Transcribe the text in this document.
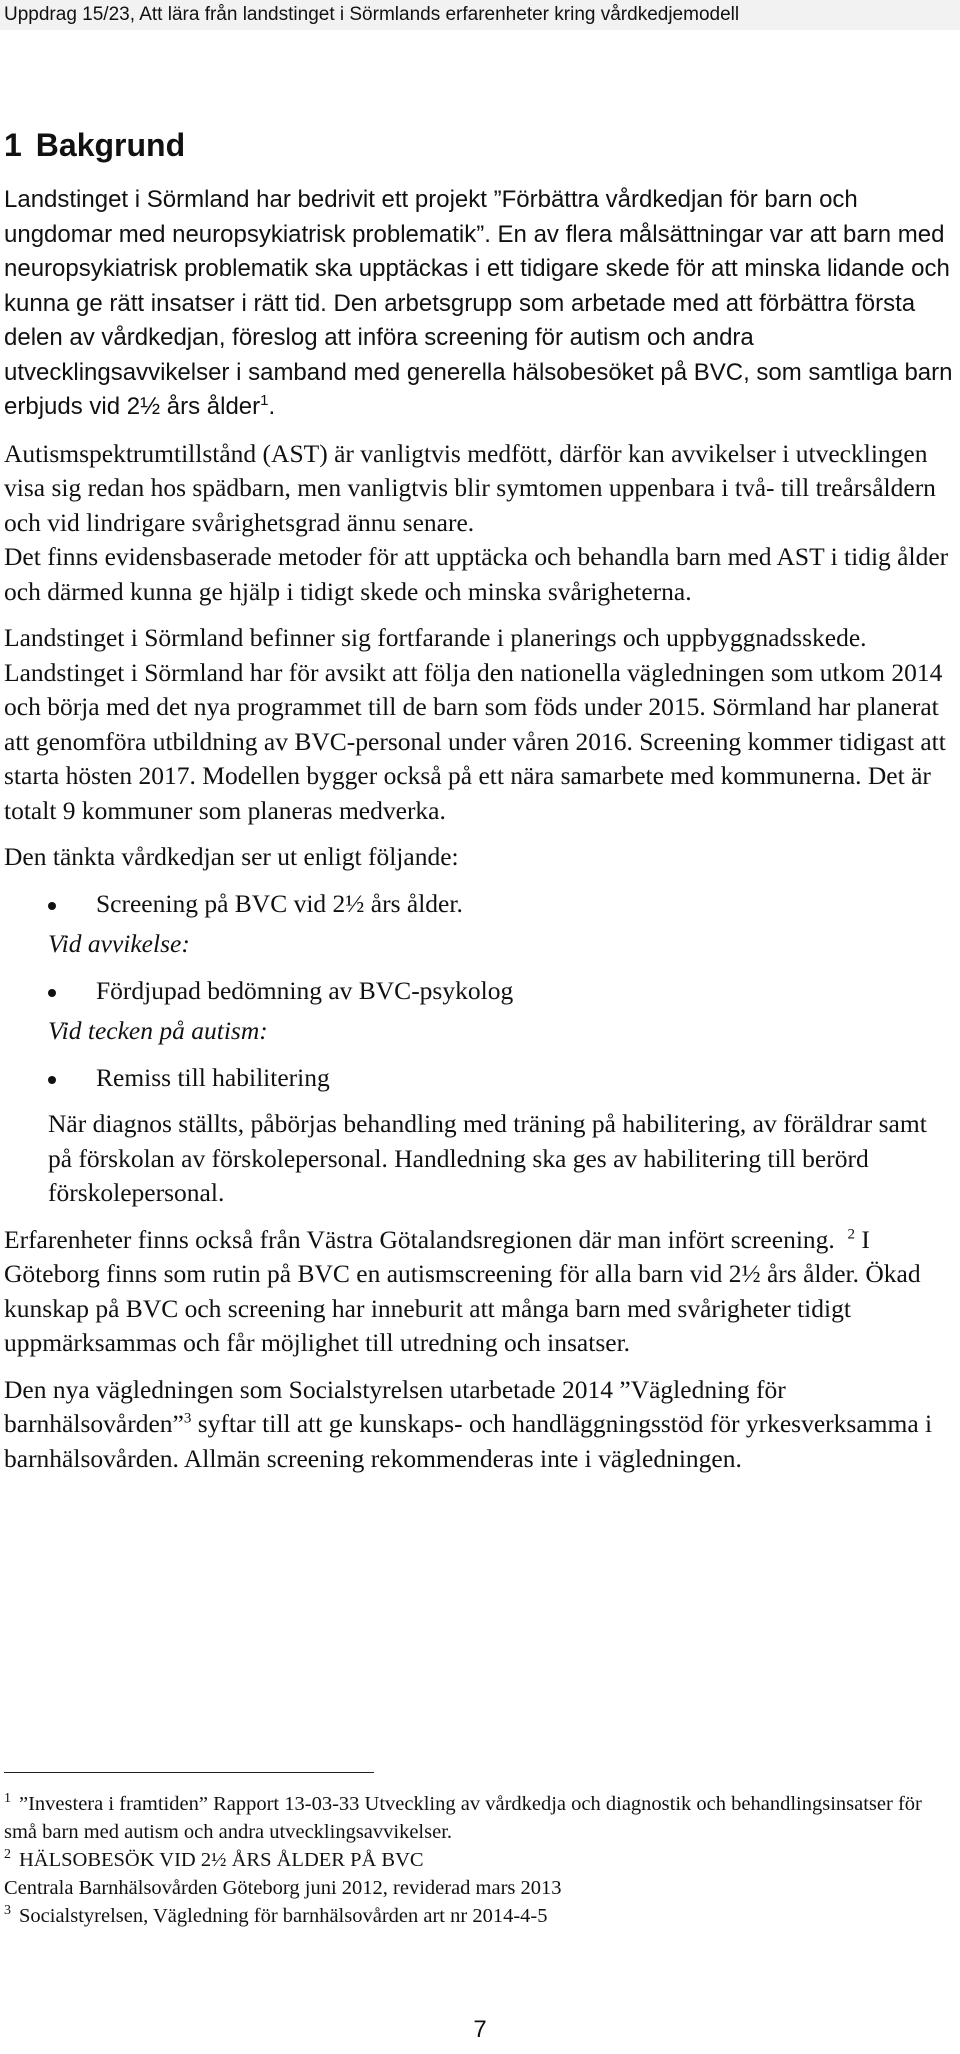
Uppdrag 15/23, Att lära från landstinget i Sörmlands erfarenheter kring vårdkedjemodell
1 Bakgrund

Landstinget i Sörmland har bedrivit ett projekt ”Förbättra vårdkedjan för barn och ungdomar med neuropsykiatrisk problematik”. En av flera målsättningar var att barn med neuropsykiatrisk problematik ska upptäckas i ett tidigare skede för att minska lidande och kunna ge rätt insatser i rätt tid. Den arbetsgrupp som arbetade med att förbättra första delen av vårdkedjan, föreslog att införa screening för autism och andra utvecklingsavvikelser i samband med generella hälsobesöket på BVC, som samtliga barn erbjuds vid 2½ års ålder$^1$.

Autismspektrumtillstånd (AST) är vanligtvis medfött, därför kan avvikelser i utvecklingen visa sig redan hos spädbarn, men vanligtvis blir symtomen uppenbara i två- till treårsåldern och vid lindrigare svårighetsgrad ännu senare.

Det finns evidensbaserade metoder för att upptäcka och behandla barn med AST i tidig ålder och därmed kunna ge hjälp i tidigt skede och minska svårigheterna.

Landstinget i Sörmland befinner sig fortfarande i planerings och uppbyggnadsskede. Landstinget i Sörmland har för avsikt att följa den nationella vägledningen som utkom 2014 och börja med det nya programmet till de barn som föds under 2015. Sörmland har planerat att genomföra utbildning av BVC-personal under våren 2016. Screening kommer tidigast att starta hösten 2017. Modellen bygger också på ett nära samarbete med kommunerna. Det är totalt 9 kommuner som planeras medverka.

Den tänkta vårdkedjan ser ut enligt följande:

Screening på BVC vid 2½ års ålder.

Vid avvikelse:

Fördjupad bedömning av BVC-psykolog

Vid tecken på autism:

Remiss till habilitering

När diagnos ställts, påbörjas behandling med träning på habilitering, av föräldrar samt på förskolan av förskolepersonal. Handledning ska ges av habilitering till berörd förskolepersonal.

Erfarenheter finns också från Västra Götalandsregionen där man infört screening. $^2$ I Göteborg finns som rutin på BVC en autismscreening för alla barn vid 2½ års ålder. Ökad kunskap på BVC och screening har inneburit att många barn med svårigheter tidigt uppmärksammas och får möjlighet till utredning och insatser.

Den nya vägledningen som Socialstyrelsen utarbetade 2014 ”Vägledning för barnhälsovården”$^3$ syftar till att ge kunskaps- och handläggningsstöd för yrkesverksamma i barnhälsovården. Allmän screening rekommenderas inte i vägledningen.

$^1$ ”Investera i framtiden” Rapport 13-03-33 Utveckling av vårdkedja och diagnostik och behandlingsinsatser för små barn med autism och andra utvecklingsavvikelser.

$^2$ HÄLSOBESÖK VID 2½ ÅRS ÅLDER PÅ BVC

Centrala Barnhälsovården Göteborg juni 2012, reviderad mars 2013

$^3$ Socialstyrelsen, Vägledning för barnhälsovården art nr 2014-4-5

7
